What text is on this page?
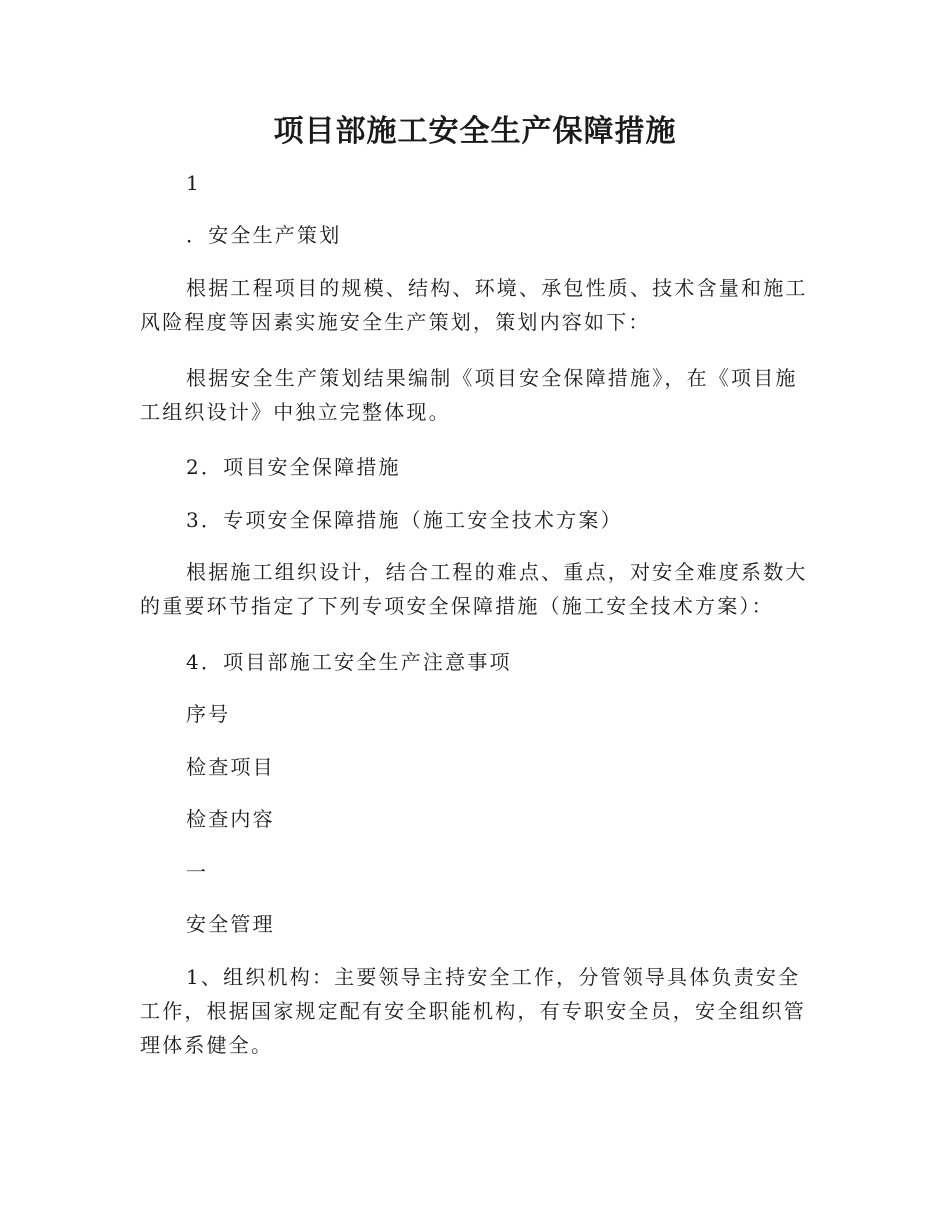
项目部施工安全生产保障措施

1

．安全生产策划

根据工程项目的规模、结构、环境、承包性质、技术含量和施工风险程度等因素实施安全生产策划，策划内容如下：

根据安全生产策划结果编制《项目安全保障措施》，在《项目施工组织设计》中独立完整体现。

2．项目安全保障措施

3．专项安全保障措施（施工安全技术方案）

根据施工组织设计，结合工程的难点、重点，对安全难度系数大的重要环节指定了下列专项安全保障措施（施工安全技术方案）：

4．项目部施工安全生产注意事项

序号

检查项目

检查内容

一

安全管理

1、组织机构：主要领导主持安全工作，分管领导具体负责安全工作，根据国家规定配有安全职能机构，有专职安全员，安全组织管理体系健全。
